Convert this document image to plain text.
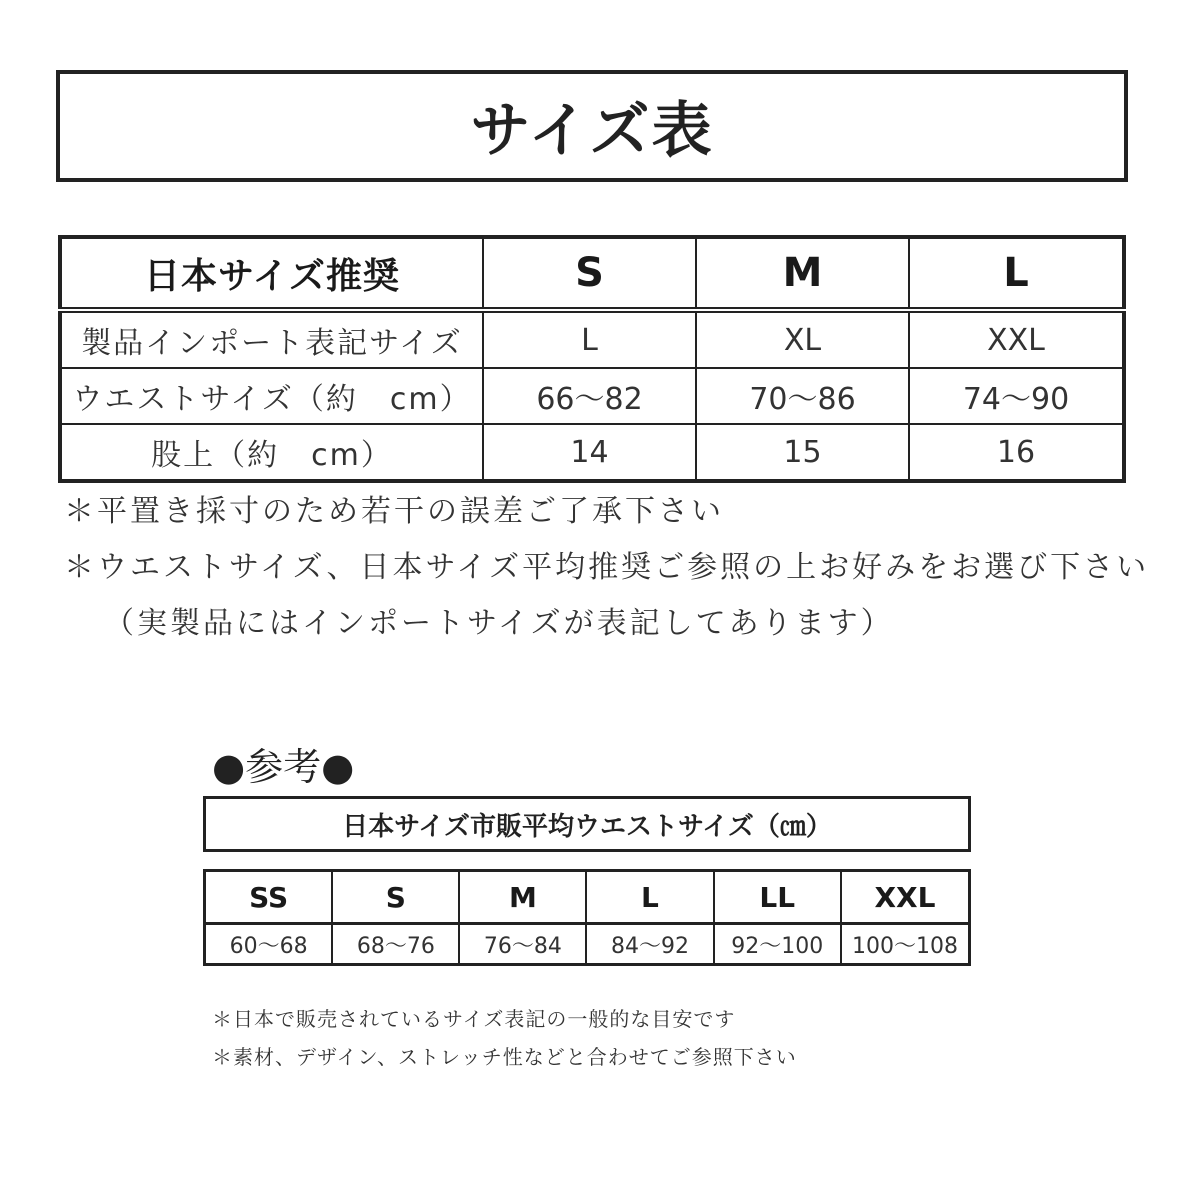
サイズ表
日本サイズ推奨	S	M	L
製品インポート表記サイズ	L	XL	XXL
ウエストサイズ（約　cm）	66～82	70～86	74～90
股上（約　cm）	14	15	16
＊平置き採寸のため若干の誤差ご了承下さい
＊ウエストサイズ、日本サイズ平均推奨ご参照の上お好みをお選び下さい
（実製品にはインポートサイズが表記してあります）
●参考●
日本サイズ市販平均ウエストサイズ（㎝）
SS	S	M	L	LL	XXL
60～68	68～76	76～84	84～92	92～100	100～108
＊日本で販売されているサイズ表記の一般的な目安です
＊素材、デザイン、ストレッチ性などと合わせてご参照下さい
